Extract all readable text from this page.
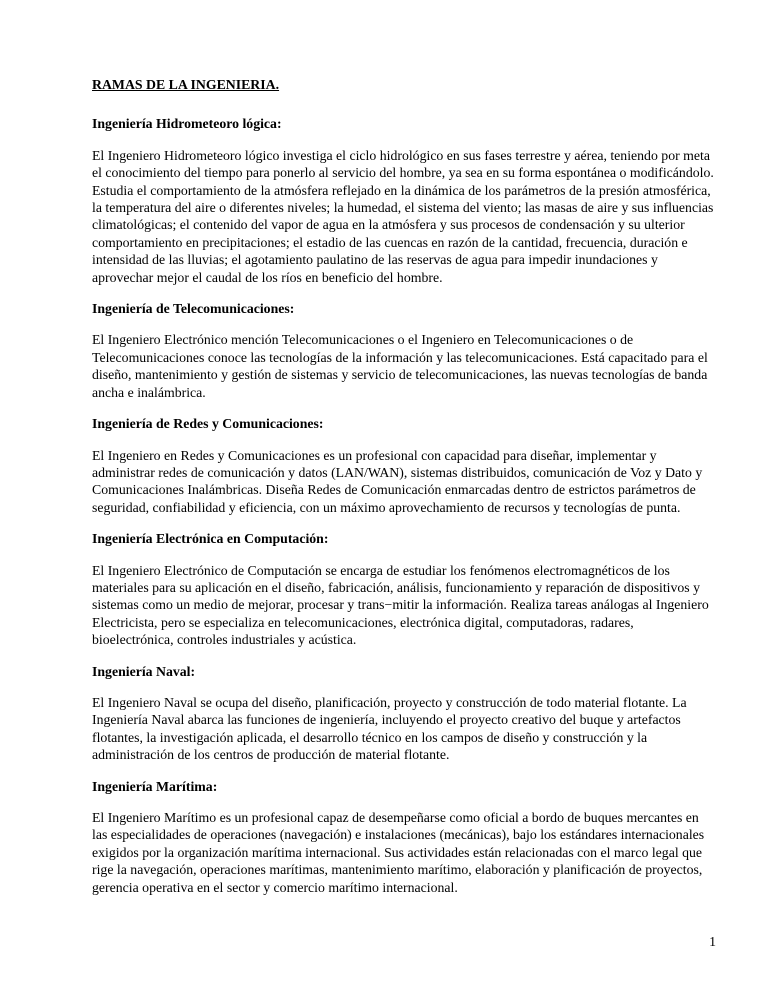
RAMAS DE LA INGENIERIA.
Ingeniería Hidrometeoro lógica:

El Ingeniero Hidrometeoro lógico investiga el ciclo hidrológico en sus fases terrestre y aérea, teniendo por meta el conocimiento del tiempo para ponerlo al servicio del hombre, ya sea en su forma espontánea o modificándolo. Estudia el comportamiento de la atmósfera reflejado en la dinámica de los parámetros de la presión atmosférica, la temperatura del aire o diferentes niveles; la humedad, el sistema del viento; las masas de aire y sus influencias climatológicas; el contenido del vapor de agua en la atmósfera y sus procesos de condensación y su ulterior comportamiento en precipitaciones; el estadio de las cuencas en razón de la cantidad, frecuencia, duración e intensidad de las lluvias; el agotamiento paulatino de las reservas de agua para impedir inundaciones y aprovechar mejor el caudal de los ríos en beneficio del hombre.

Ingeniería de Telecomunicaciones:

El Ingeniero Electrónico mención Telecomunicaciones o el Ingeniero en Telecomunicaciones o de Telecomunicaciones conoce las tecnologías de la información y las telecomunicaciones. Está capacitado para el diseño, mantenimiento y gestión de sistemas y servicio de telecomunicaciones, las nuevas tecnologías de banda ancha e inalámbrica.

Ingeniería de Redes y Comunicaciones:

El Ingeniero en Redes y Comunicaciones es un profesional con capacidad para diseñar, implementar y administrar redes de comunicación y datos (LAN/WAN), sistemas distribuidos, comunicación de Voz y Dato y Comunicaciones Inalámbricas. Diseña Redes de Comunicación enmarcadas dentro de estrictos parámetros de seguridad, confiabilidad y eficiencia, con un máximo aprovechamiento de recursos y tecnologías de punta.

Ingeniería Electrónica en Computación:

El Ingeniero Electrónico de Computación se encarga de estudiar los fenómenos electromagnéticos de los materiales para su aplicación en el diseño, fabricación, análisis, funcionamiento y reparación de dispositivos y sistemas como un medio de mejorar, procesar y trans−mitir la información. Realiza tareas análogas al Ingeniero Electricista, pero se especializa en telecomunicaciones, electrónica digital, computadoras, radares, bioelectrónica, controles industriales y acústica.

Ingeniería Naval:

El Ingeniero Naval se ocupa del diseño, planificación, proyecto y construcción de todo material flotante. La Ingeniería Naval abarca las funciones de ingeniería, incluyendo el proyecto creativo del buque y artefactos flotantes, la investigación aplicada, el desarrollo técnico en los campos de diseño y construcción y la administración de los centros de producción de material flotante.

Ingeniería Marítima:

El Ingeniero Marítimo es un profesional capaz de desempeñarse como oficial a bordo de buques mercantes en las especialidades de operaciones (navegación) e instalaciones (mecánicas), bajo los estándares internacionales exigidos por la organización marítima internacional. Sus actividades están relacionadas con el marco legal que rige la navegación, operaciones marítimas, mantenimiento marítimo, elaboración y planificación de proyectos, gerencia operativa en el sector y comercio marítimo internacional.

1
